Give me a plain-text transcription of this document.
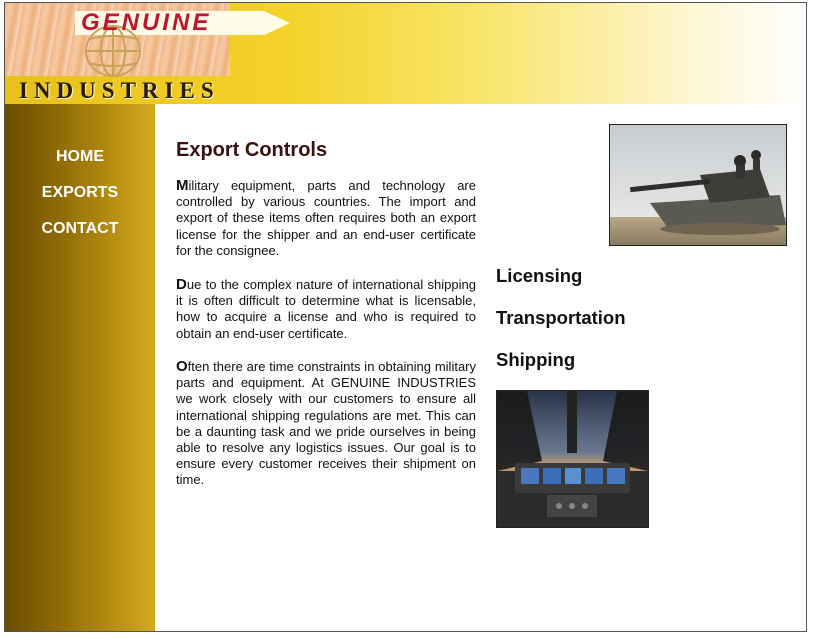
GENUINE
INDUSTRIES
HOME
EXPORTS
CONTACT
Export Controls
Military equipment, parts and technology are controlled by various countries. The import and export of these items often requires both an export license for the shipper and an end-user certificate for the consignee.
Due to the complex nature of international shipping it is often difficult to determine what is licensable, how to acquire a license and who is required to obtain an end-user certificate.
Often there are time constraints in obtaining military parts and equipment. At GENUINE INDUSTRIES we work closely with our customers to ensure all international shipping regulations are met. This can be a daunting task and we pride ourselves in being able to resolve any logistics issues. Our goal is to ensure every customer receives their shipment on time.
Licensing
Transportation
Shipping
